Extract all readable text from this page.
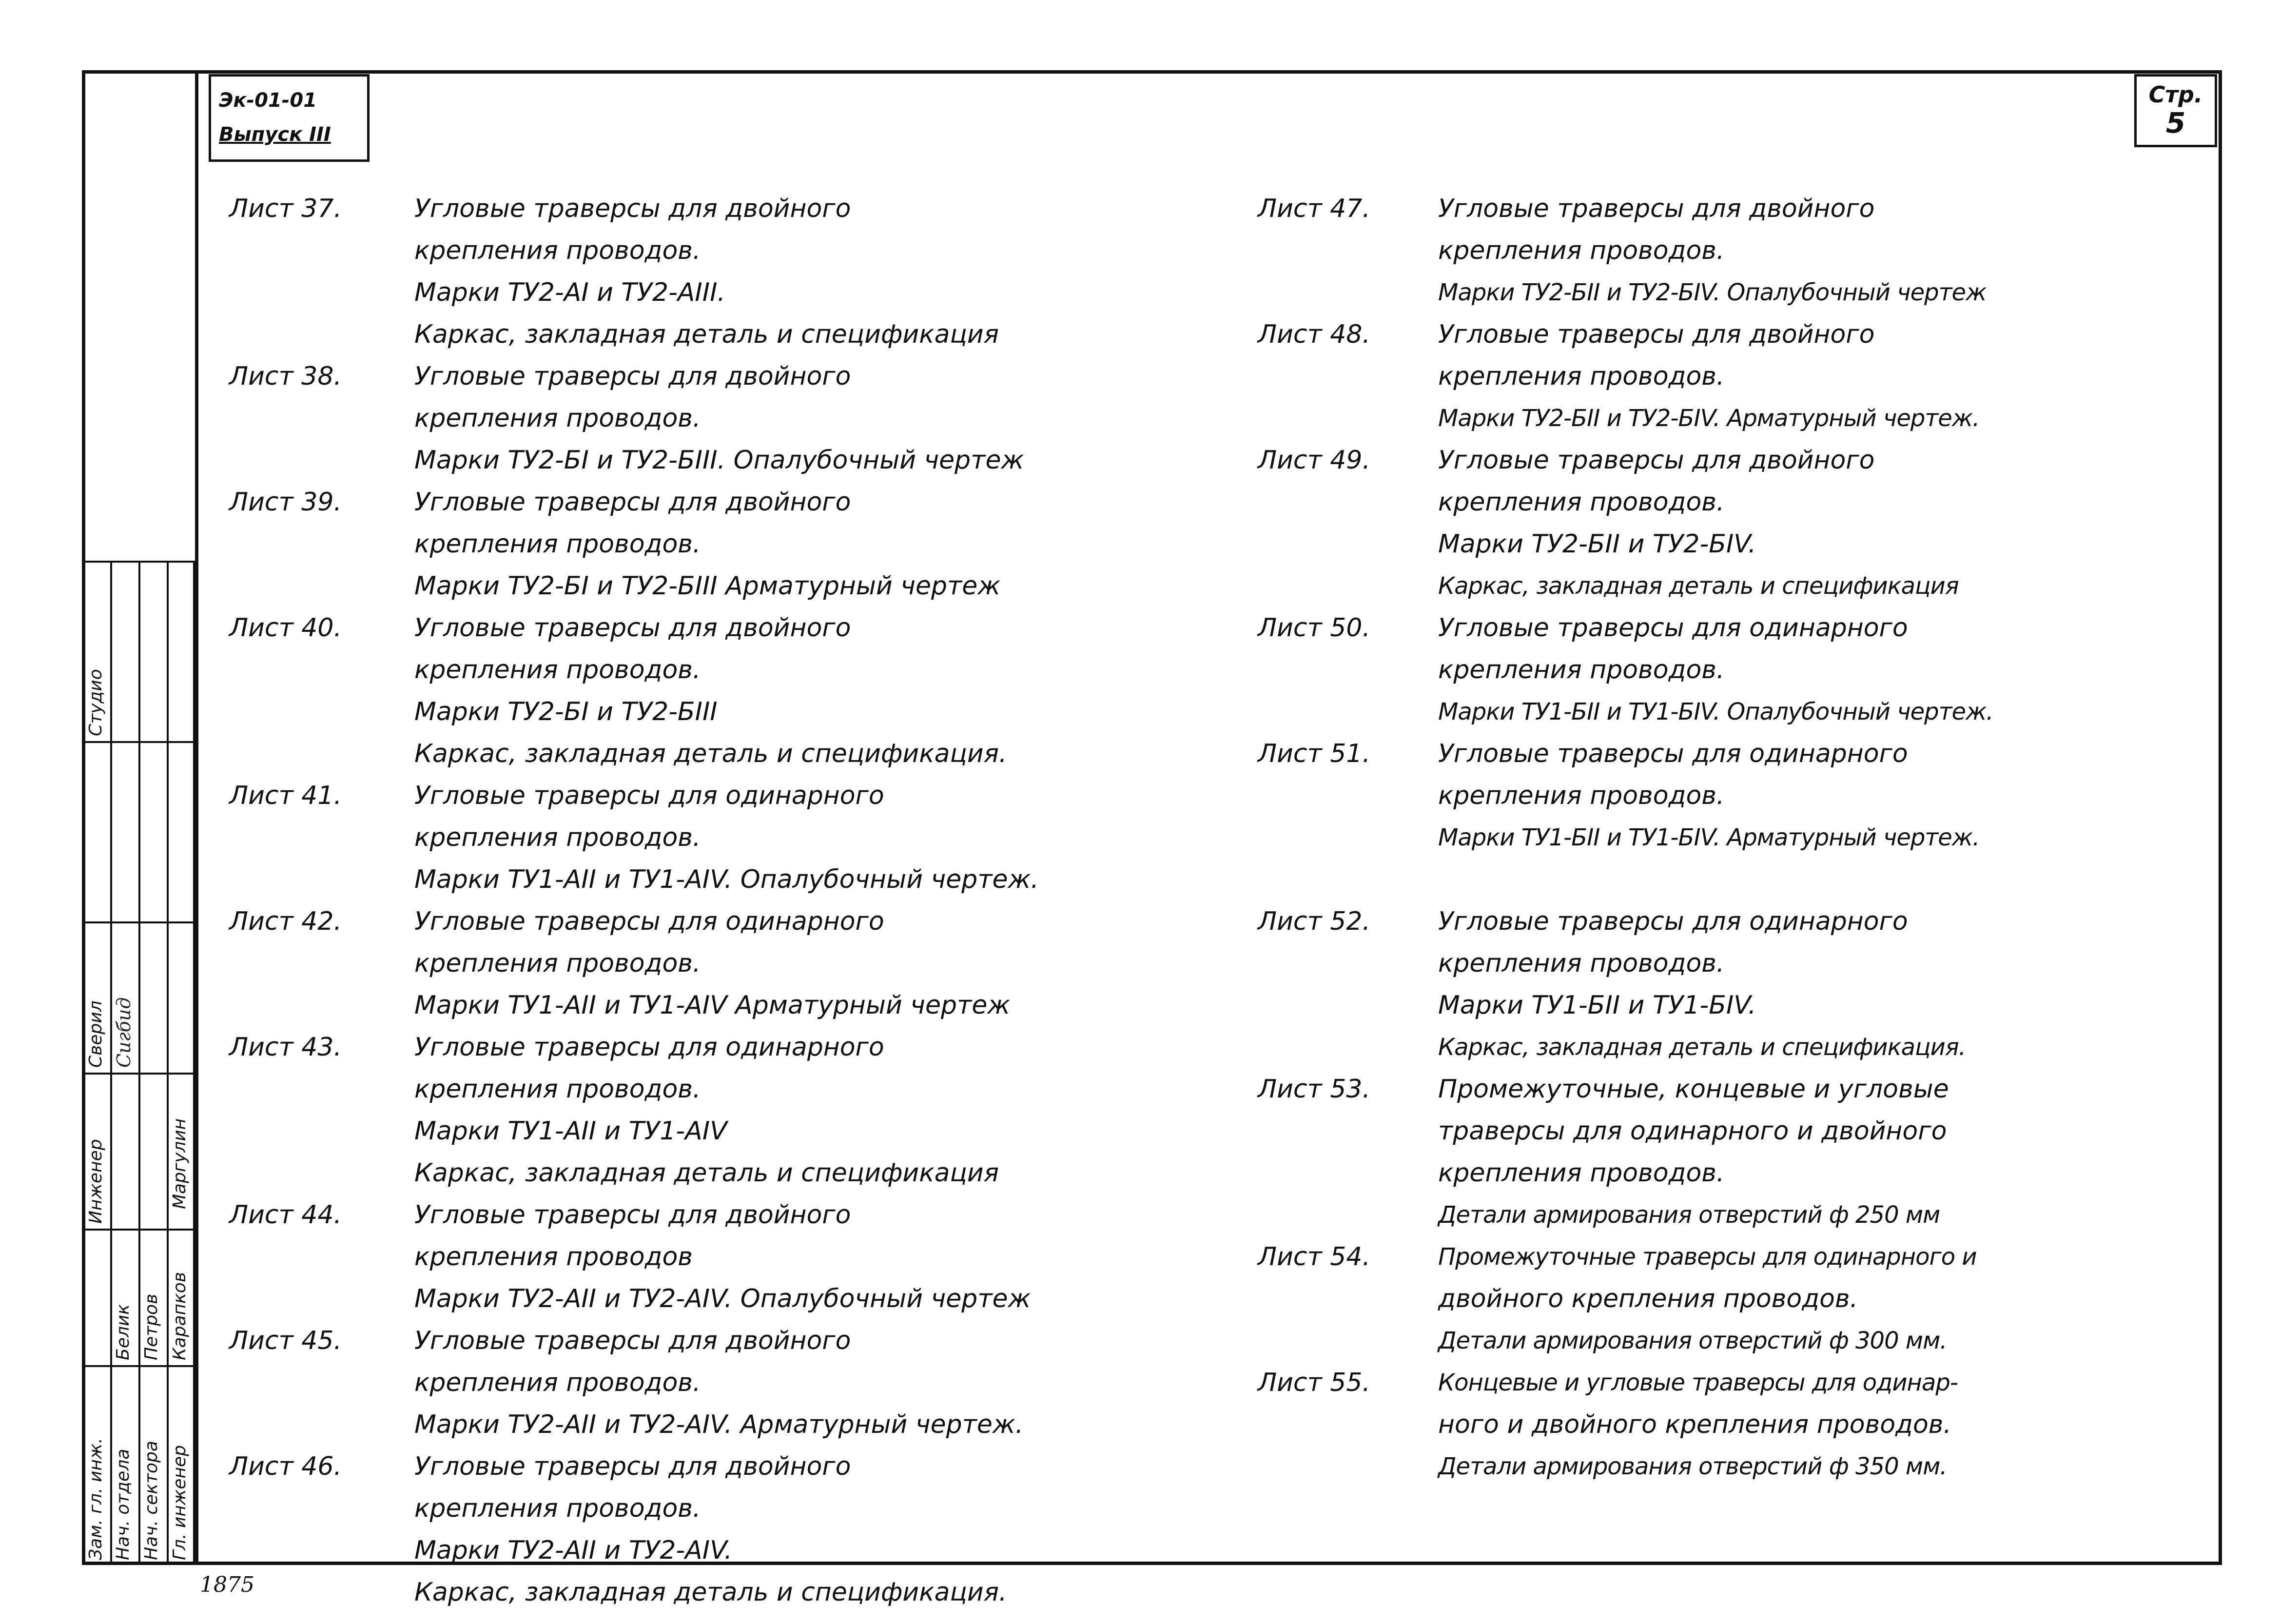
Эк-01-01
Выпуск III
Стр.
5
Зам. гл. инж. Нач. отдела Нач. сектора Гл. инженер
Инженер
Сверил
Студио
Белик Петров Карапков
Маргулин
Сигбид
1875
Лист 37.	Угловые траверсы для двойного
крепления проводов.
Марки ТУ2-АI и ТУ2-АIII.
Каркас, закладная деталь и спецификация
Лист 38.	Угловые траверсы для двойного
крепления проводов.
Марки ТУ2-БI и ТУ2-БIII. Опалубочный чертеж
Лист 39.	Угловые траверсы для двойного
крепления проводов.
Марки ТУ2-БI и ТУ2-БIII Арматурный чертеж
Лист 40.	Угловые траверсы для двойного
крепления проводов.
Марки ТУ2-БI и ТУ2-БIII
Каркас, закладная деталь и спецификация.
Лист 41.	Угловые траверсы для одинарного
крепления проводов.
Марки ТУ1-АII и ТУ1-АIV. Опалубочный чертеж.
Лист 42.	Угловые траверсы для одинарного
крепления проводов.
Марки ТУ1-АII и ТУ1-АIV Арматурный чертеж
Лист 43.	Угловые траверсы для одинарного
крепления проводов.
Марки ТУ1-АII и ТУ1-АIV
Каркас, закладная деталь и спецификация
Лист 44.	Угловые траверсы для двойного
крепления проводов
Марки ТУ2-АII и ТУ2-АIV. Опалубочный чертеж
Лист 45.	Угловые траверсы для двойного
крепления проводов.
Марки ТУ2-АII и ТУ2-АIV. Арматурный чертеж.
Лист 46.	Угловые траверсы для двойного
крепления проводов.
Марки ТУ2-АII и ТУ2-АIV.
Каркас, закладная деталь и спецификация.
Лист 47.	Угловые траверсы для двойного
крепления проводов.
Марки ТУ2-БII и ТУ2-БIV. Опалубочный чертеж
Лист 48.	Угловые траверсы для двойного
крепления проводов.
Марки ТУ2-БII и ТУ2-БIV. Арматурный чертеж.
Лист 49.	Угловые траверсы для двойного
крепления проводов.
Марки ТУ2-БII и ТУ2-БIV.
Каркас, закладная деталь и спецификация
Лист 50.	Угловые траверсы для одинарного
крепления проводов.
Марки ТУ1-БII и ТУ1-БIV. Опалубочный чертеж.
Лист 51.	Угловые траверсы для одинарного
крепления проводов.
Марки ТУ1-БII и ТУ1-БIV. Арматурный чертеж.
Лист 52.	Угловые траверсы для одинарного
крепления проводов.
Марки ТУ1-БII и ТУ1-БIV.
Каркас, закладная деталь и спецификация.
Лист 53.	Промежуточные, концевые и угловые
траверсы для одинарного и двойного
крепления проводов.
Детали армирования отверстий ф 250 мм
Лист 54.	Промежуточные траверсы для одинарного и
двойного крепления проводов.
Детали армирования отверстий ф 300 мм.
Лист 55.	Концевые и угловые траверсы для одинар-
ного и двойного крепления проводов.
Детали армирования отверстий ф 350 мм.
